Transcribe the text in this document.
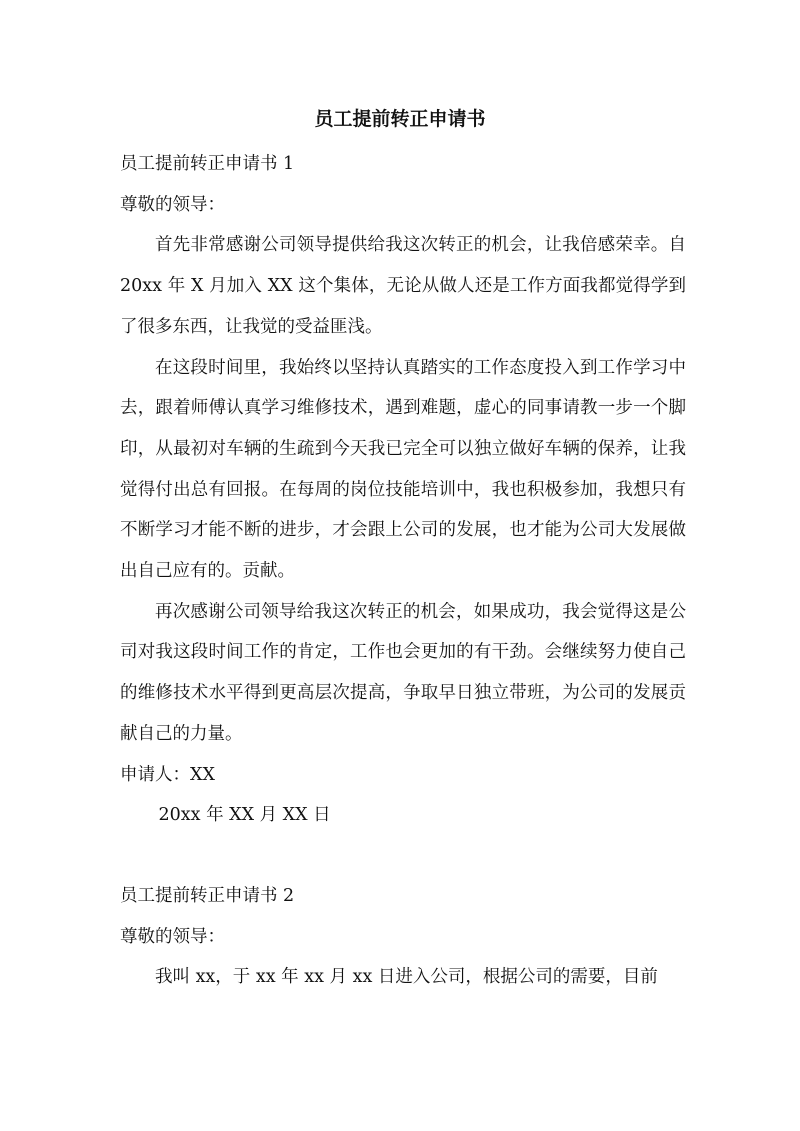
员工提前转正申请书

员工提前转正申请书 1

尊敬的领导：

首先非常感谢公司领导提供给我这次转正的机会，让我倍感荣幸。自 20xx 年 X 月加入 XX 这个集体，无论从做人还是工作方面我都觉得学到了很多东西，让我觉的受益匪浅。

在这段时间里，我始终以坚持认真踏实的工作态度投入到工作学习中去，跟着师傅认真学习维修技术，遇到难题，虚心的同事请教一步一个脚印，从最初对车辆的生疏到今天我已完全可以独立做好车辆的保养，让我觉得付出总有回报。在每周的岗位技能培训中，我也积极参加，我想只有不断学习才能不断的进步，才会跟上公司的发展，也才能为公司大发展做出自己应有的。贡献。

再次感谢公司领导给我这次转正的机会，如果成功，我会觉得这是公司对我这段时间工作的肯定，工作也会更加的有干劲。会继续努力使自己的维修技术水平得到更高层次提高，争取早日独立带班，为公司的发展贡献自己的力量。

申请人：XX

20xx 年 XX 月 XX 日

员工提前转正申请书 2

尊敬的领导：

我叫 xx，于 xx 年 xx 月 xx 日进入公司，根据公司的需要，目前
